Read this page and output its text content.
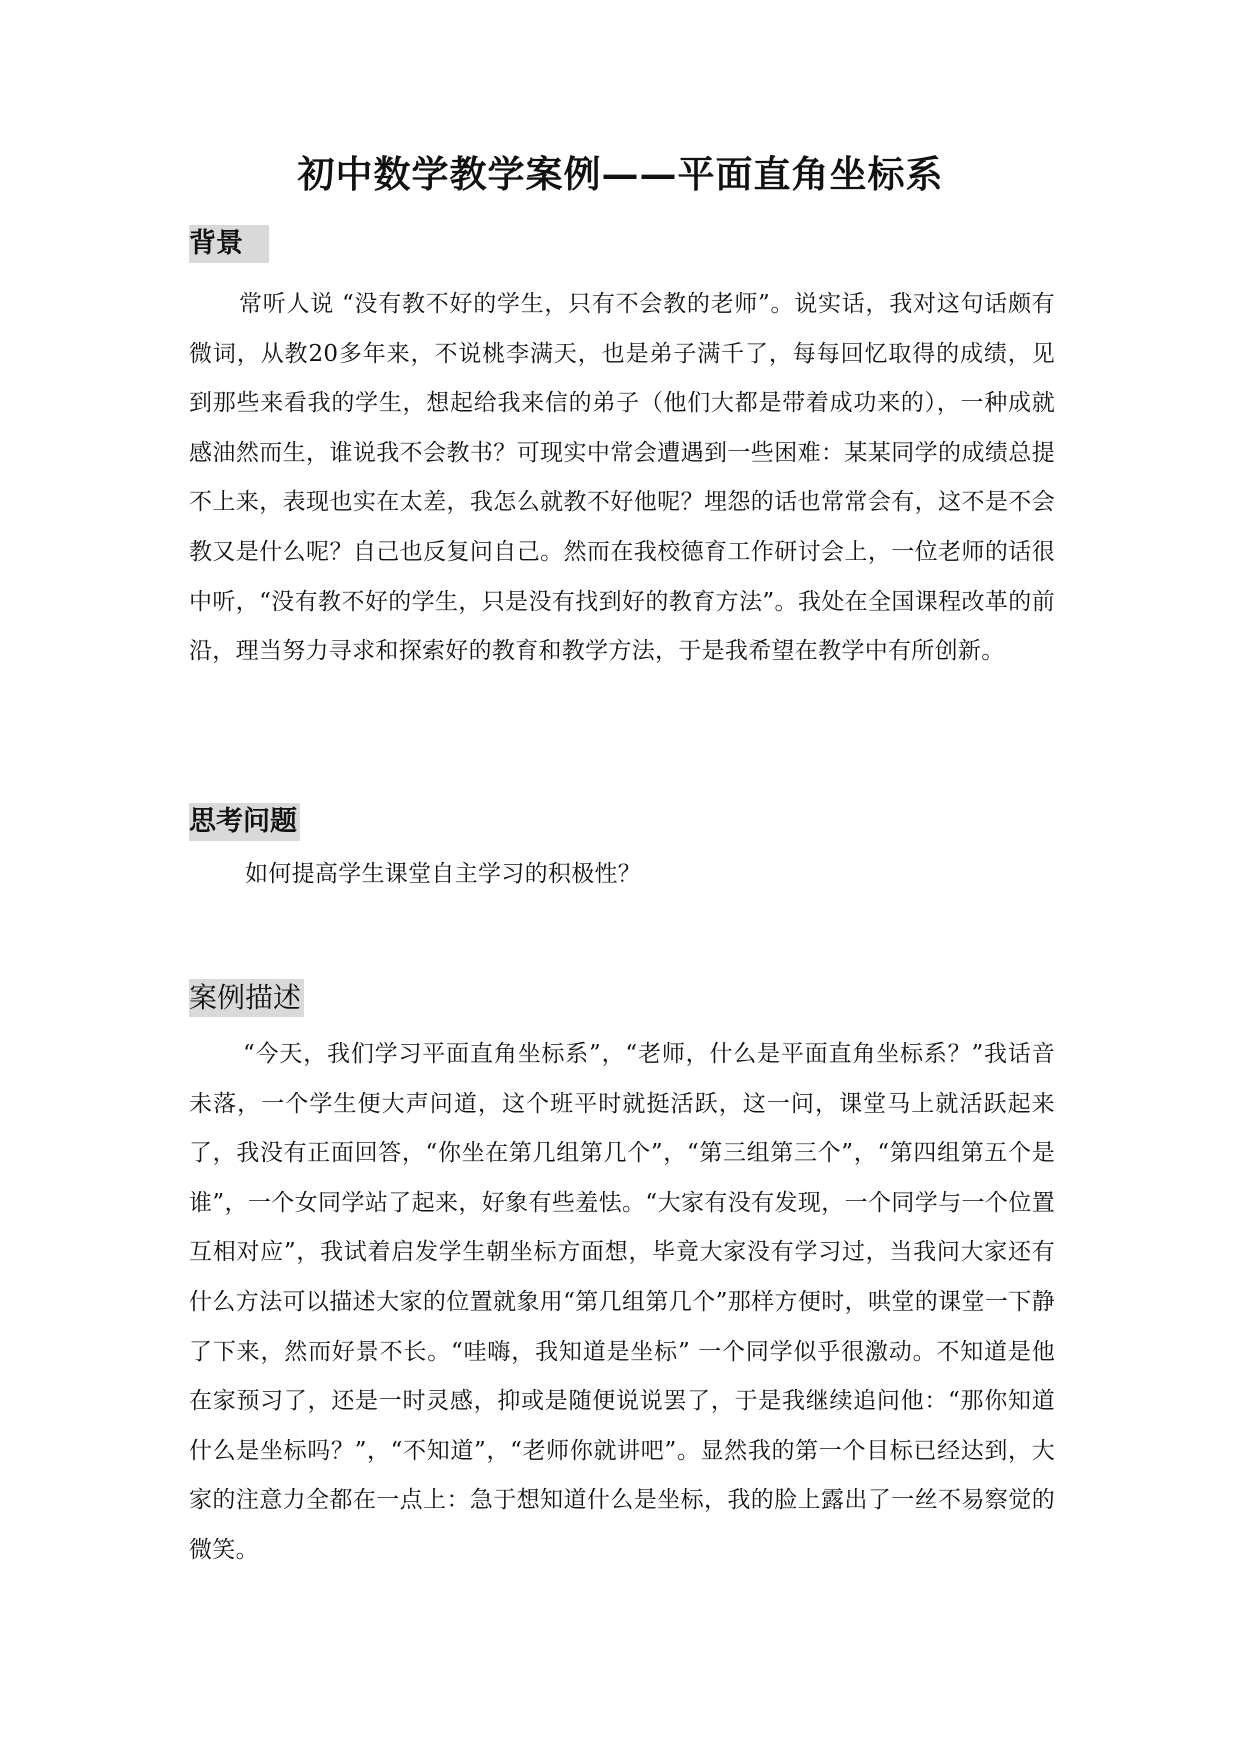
初中数学教学案例——平面直角坐标系
背景
常听人说 “没有教不好的学生，只有不会教的老师”。说实话，我对这句话颇有微词，从教20多年来，不说桃李满天，也是弟子满千了，每每回忆取得的成绩，见到那些来看我的学生，想起给我来信的弟子（他们大都是带着成功来的），一种成就感油然而生，谁说我不会教书？可现实中常会遭遇到一些困难：某某同学的成绩总提不上来，表现也实在太差，我怎么就教不好他呢？埋怨的话也常常会有，这不是不会教又是什么呢？自己也反复问自己。然而在我校德育工作研讨会上，一位老师的话很中听，“没有教不好的学生，只是没有找到好的教育方法”。我处在全国课程改革的前沿，理当努力寻求和探索好的教育和教学方法，于是我希望在教学中有所创新。
思考问题
如何提高学生课堂自主学习的积极性？
案例描述
“今天，我们学习平面直角坐标系”，“老师，什么是平面直角坐标系？”我话音未落，一个学生便大声问道，这个班平时就挺活跃，这一问，课堂马上就活跃起来了，我没有正面回答，“你坐在第几组第几个”，“第三组第三个”，“第四组第五个是谁”，一个女同学站了起来，好象有些羞怯。“大家有没有发现，一个同学与一个位置互相对应”，我试着启发学生朝坐标方面想，毕竟大家没有学习过，当我问大家还有什么方法可以描述大家的位置就象用“第几组第几个”那样方便时，哄堂的课堂一下静了下来，然而好景不长。“哇嗨，我知道是坐标” 一个同学似乎很激动。不知道是他在家预习了，还是一时灵感，抑或是随便说说罢了，于是我继续追问他：“那你知道什么是坐标吗？”，“不知道”，“老师你就讲吧”。显然我的第一个目标已经达到，大家的注意力全都在一点上：急于想知道什么是坐标，我的脸上露出了一丝不易察觉的微笑。
